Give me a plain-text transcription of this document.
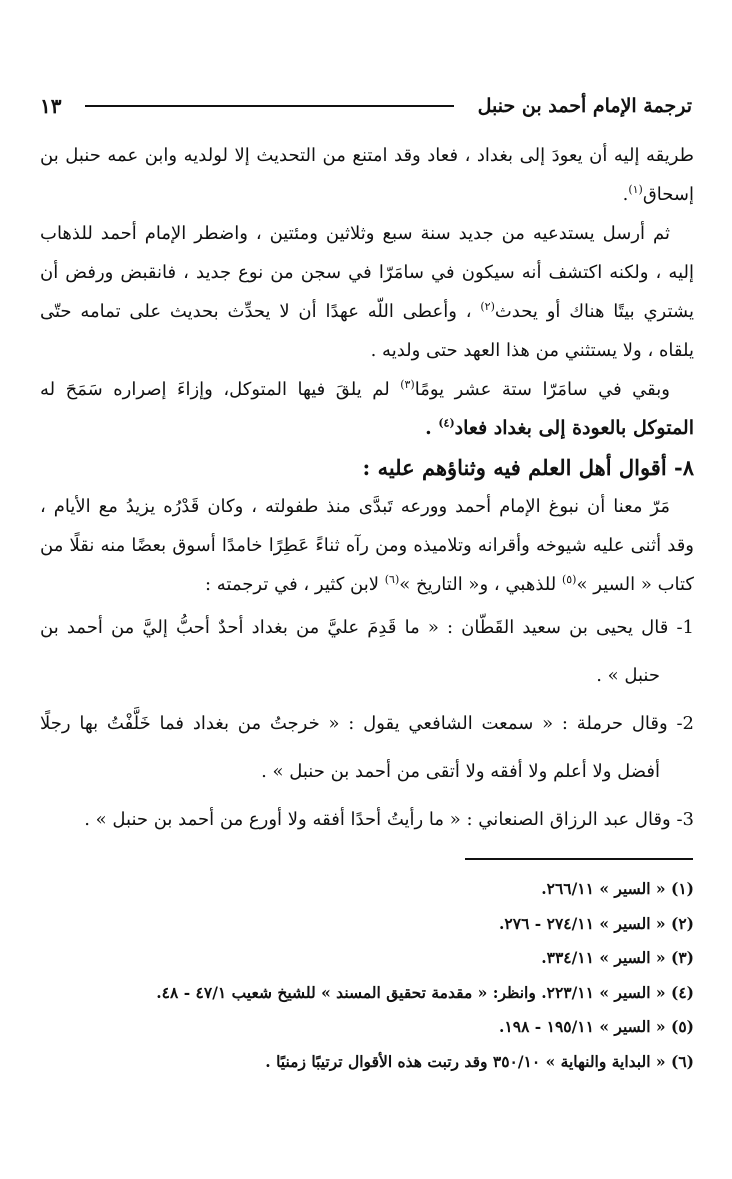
ترجمة الإمام أحمد بن حنبل
١٣
طريقه إليه أن يعودَ إلى بغداد ، فعاد وقد امتنع من التحديث إلا لولديه وابن عمه حنبل بن
إسحاق$^{(١)}$.
ثم أرسل يستدعيه من جديد سنة سبع وثلاثين ومئتين ، واضطر الإمام أحمد للذهاب
إليه ، ولكنه اكتشف أنه سيكون في سامَرّا في سجن من نوع جديد ، فانقبض ورفض أن
يشتري بيتًا هناك أو يحدث$^{(٢)}$ ، وأعطى اللّه عهدًا أن لا يحدِّث بحديث على تمامه حتّى
يلقاه ، ولا يستثني من هذا العهد حتى ولديه .
وبقي في سامَرّا ستة عشر يومًا$^{(٣)}$ لم يلقَ فيها المتوكل، وإزاءَ إصراره سَمَحَ له
المتوكل بالعودة إلى بغداد فعاد$^{(٤)}$ .
٨- أقوال أهل العلم فيه وثناؤهم عليه :
مَرّ معنا أن نبوغ الإمام أحمد وورعه تَبدَّى منذ طفولته ، وكان قَدْرُه يزيدُ مع الأيام ،
وقد أثنى عليه شيوخه وأقرانه وتلاميذه ومن رآه ثناءً عَطِرًا خامدًا أسوق بعضًا منه نقلًا من
كتاب « السير »$^{(٥)}$ للذهبي ، و« التاريخ »$^{(٦)}$ لابن كثير ، في ترجمته :
1- قال يحيى بن سعيد القَطّان : « ما قَدِمَ عليَّ من بغداد أحدٌ أحبُّ إليَّ من أحمد بن
حنبل » .
2- وقال حرملة : « سمعت الشافعي يقول : « خرجتُ من بغداد فما خَلَّفْتُ بها رجلًا
أفضل ولا أعلم ولا أفقه ولا أتقى من أحمد بن حنبل » .
3- وقال عبد الرزاق الصنعاني : « ما رأيتُ أحدًا أفقه ولا أورع من أحمد بن حنبل » .
(١) « السير » ٢٦٦/١١.
(٢) « السير » ٢٧٤/١١ - ٢٧٦.
(٣) « السير » ٣٣٤/١١.
(٤) « السير » ٢٢٣/١١. وانظر: « مقدمة تحقيق المسند » للشيخ شعيب ٤٧/١ - ٤٨.
(٥) « السير » ١٩٥/١١ - ١٩٨.
(٦) « البداية والنهاية » ٣٥٠/١٠ وقد رتبت هذه الأقوال ترتيبًا زمنيًا .
